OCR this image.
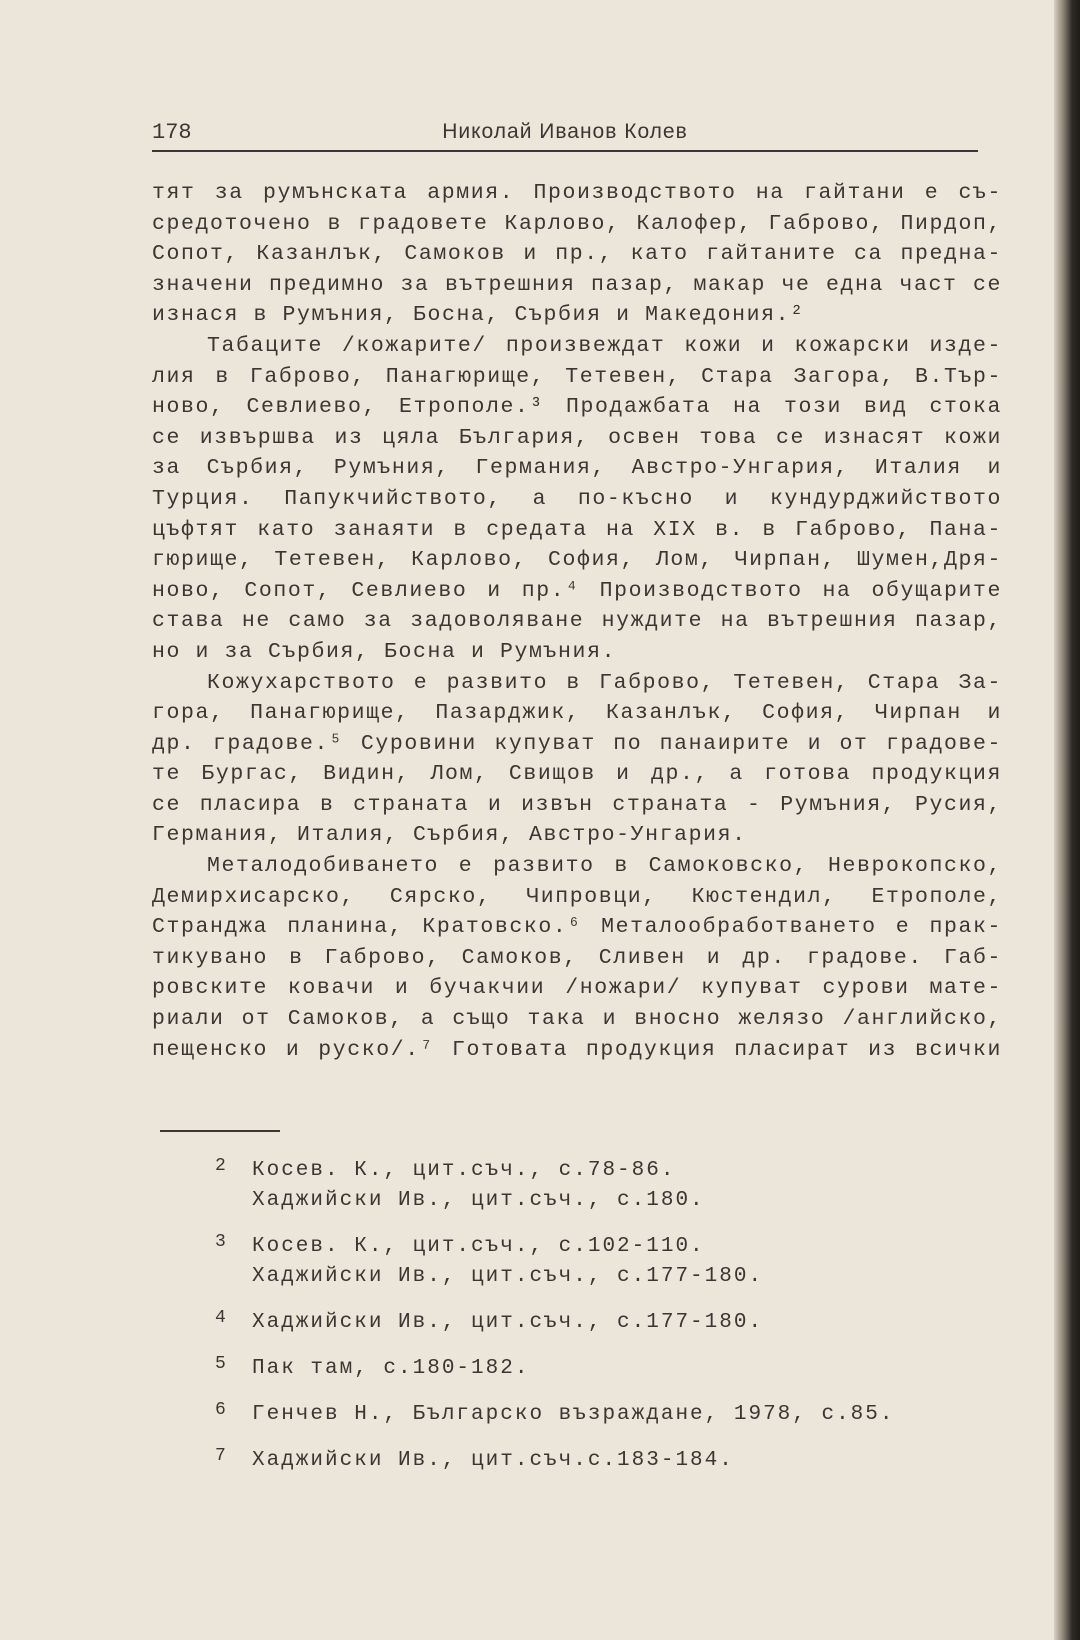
178	Николай Иванов Колев
тят за румънската армия. Производството на гайтани е съ-
средоточено в градовете Карлово, Калофер, Габрово, Пирдоп,
Сопот, Казанлък, Самоков и пр., като гайтаните са предна-
значени предимно за вътрешния пазар, макар че една част се
изнася в Румъния, Босна, Сърбия и Македония.²
Табаците /кожарите/ произвеждат кожи и кожарски изде-
лия в Габрово, Панагюрище, Тетевен, Стара Загора, В.Тър-
ново, Севлиево, Етрополе.³ Продажбата на този вид стока
се извършва из цяла България, освен това се изнасят кожи
за Сърбия, Румъния, Германия, Австро-Унгария, Италия и
Турция. Папукчийството, а по-късно и кундурджийството
цъфтят като занаяти в средата на XIX в. в Габрово, Пана-
гюрище, Тетевен, Карлово, София, Лом, Чирпан, Шумен,Дря-
ново, Сопот, Севлиево и пр.⁴ Производството на обущарите
става не само за задоволяване нуждите на вътрешния пазар,
но и за Сърбия, Босна и Румъния.
Кожухарството е развито в Габрово, Тетевен, Стара За-
гора, Панагюрище, Пазарджик, Казанлък, София, Чирпан и
др. градове.⁵ Суровини купуват по панаирите и от градове-
те Бургас, Видин, Лом, Свищов и др., а готова продукция
се пласира в страната и извън страната - Румъния, Русия,
Германия, Италия, Сърбия, Австро-Унгария.
Металодобиването е развито в Самоковско, Неврокопско,
Демирхисарско, Сярско, Чипровци, Кюстендил, Етрополе,
Странджа планина, Кратовско.⁶ Металообработването е прак-
тикувано в Габрово, Самоков, Сливен и др. градове. Габ-
ровските ковачи и бучакчии /ножари/ купуват сурови мате-
риали от Самоков, а също така и вносно желязо /английско,
пещенско и руско/.⁷ Готовата продукция пласират из всички
2	Косев. К., цит.съч., с.78-86.
Хаджийски Ив., цит.съч., с.180.
3	Косев. К., цит.съч., с.102-110.
Хаджийски Ив., цит.съч., с.177-180.
4	Хаджийски Ив., цит.съч., с.177-180.
5	Пак там, с.180-182.
6	Генчев Н., Българско възраждане, 1978, с.85.
7	Хаджийски Ив., цит.съч.с.183-184.
